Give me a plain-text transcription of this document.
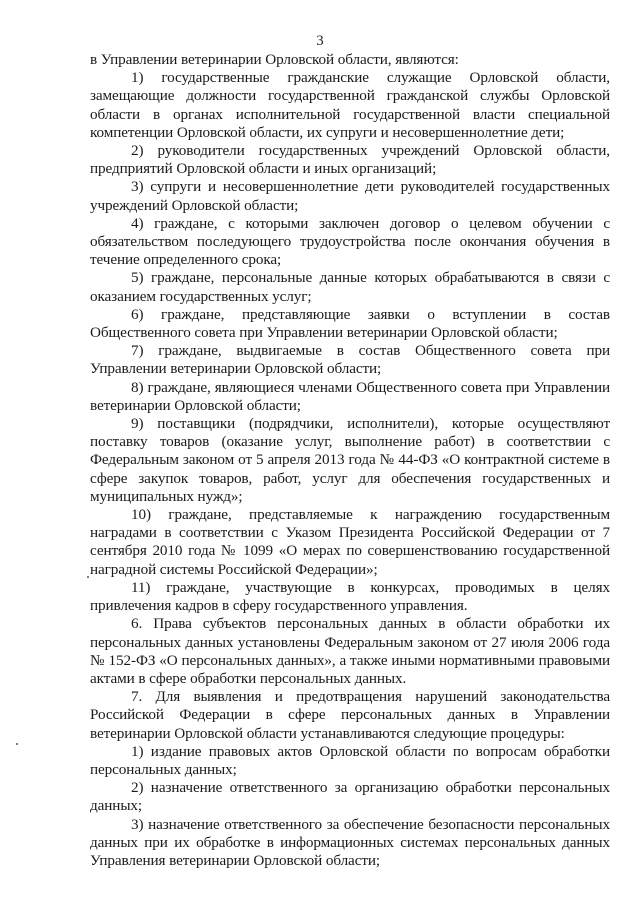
3

в Управлении ветеринарии Орловской области, являются:

1) государственные гражданские служащие Орловской области, замещающие должности государственной гражданской службы Орловской области в органах исполнительной государственной власти специальной компетенции Орловской области, их супруги и несовершеннолетние дети;

2) руководители государственных учреждений Орловской области, предприятий Орловской области и иных организаций;

3) супруги и несовершеннолетние дети руководителей государственных учреждений Орловской области;

4) граждане, с которыми заключен договор о целевом обучении с обязательством последующего трудоустройства после окончания обучения в течение определенного срока;

5) граждане, персональные данные которых обрабатываются в связи с оказанием государственных услуг;

6) граждане, представляющие заявки о вступлении в состав Общественного совета при Управлении ветеринарии Орловской области;

7) граждане, выдвигаемые в состав Общественного совета при Управлении ветеринарии Орловской области;

8) граждане, являющиеся членами Общественного совета при Управлении ветеринарии Орловской области;

9) поставщики (подрядчики, исполнители), которые осуществляют поставку товаров (оказание услуг, выполнение работ) в соответствии с Федеральным законом от 5 апреля 2013 года № 44-ФЗ «О контрактной системе в сфере закупок товаров, работ, услуг для обеспечения государственных и муниципальных нужд»;

10) граждане, представляемые к награждению государственным наградами в соответствии с Указом Президента Российской Федерации от 7 сентября 2010 года № 1099 «О мерах по совершенствованию государственной наградной системы Российской Федерации»;

11) граждане, участвующие в конкурсах, проводимых в целях привлечения кадров в сферу государственного управления.

6. Права субъектов персональных данных в области обработки их персональных данных установлены Федеральным законом от 27 июля 2006 года № 152-ФЗ «О персональных данных», а также иными нормативными правовыми актами в сфере обработки персональных данных.

7. Для выявления и предотвращения нарушений законодательства Российской Федерации в сфере персональных данных в Управлении ветеринарии Орловской области устанавливаются следующие процедуры:

1) издание правовых актов Орловской области по вопросам обработки персональных данных;

2) назначение ответственного за организацию обработки персональных данных;

3) назначение ответственного за обеспечение безопасности персональных данных при их обработке в информационных системах персональных данных Управления ветеринарии Орловской области;
